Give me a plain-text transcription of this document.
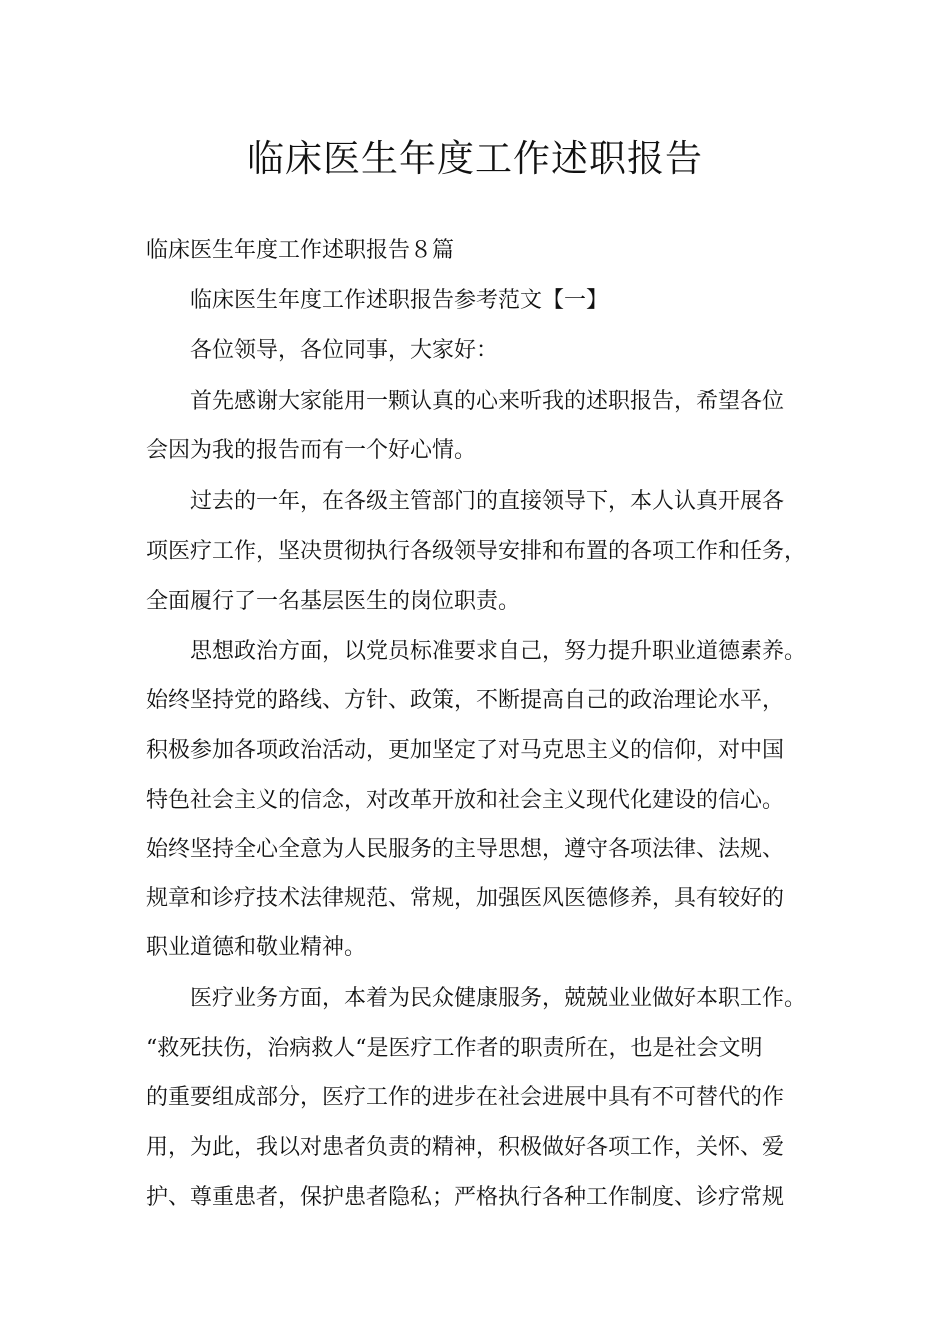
临床医生年度工作述职报告

临床医生年度工作述职报告８篇

临床医生年度工作述职报告参考范文【一】

各位领导，各位同事，大家好：

首先感谢大家能用一颗认真的心来听我的述职报告，希望各位

会因为我的报告而有一个好心情。

过去的一年，在各级主管部门的直接领导下，本人认真开展各

项医疗工作，坚决贯彻执行各级领导安排和布置的各项工作和任务，

全面履行了一名基层医生的岗位职责。

思想政治方面，以党员标准要求自己，努力提升职业道德素养。

始终坚持党的路线、方针、政策，不断提高自己的政治理论水平，

积极参加各项政治活动，更加坚定了对马克思主义的信仰，对中国

特色社会主义的信念，对改革开放和社会主义现代化建设的信心。

始终坚持全心全意为人民服务的主导思想，遵守各项法律、法规、

规章和诊疗技术法律规范、常规，加强医风医德修养，具有较好的

职业道德和敬业精神。

医疗业务方面，本着为民众健康服务，兢兢业业做好本职工作。

“救死扶伤，治病救人“是医疗工作者的职责所在，也是社会文明

的重要组成部分，医疗工作的进步在社会进展中具有不可替代的作

用，为此，我以对患者负责的精神，积极做好各项工作，关怀、爱

护、尊重患者，保护患者隐私；严格执行各种工作制度、诊疗常规
